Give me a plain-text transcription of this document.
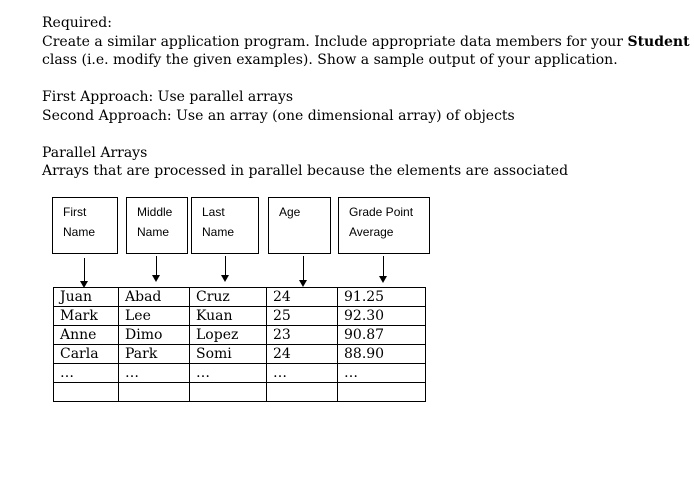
Required:
Create a similar application program. Include appropriate data members for your Student
class (i.e. modify the given examples). Show a sample output of your application.
First Approach: Use parallel arrays
Second Approach: Use an array (one dimensional array) of objects
Parallel Arrays
Arrays that are processed in parallel because the elements are associated
First
Name
Middle
Name
Last
Name
Age	Grade Point
Average
Juan	Abad	Cruz	24	91.25
Mark	Lee	Kuan	25	92.30
Anne	Dimo	Lopez	23	90.87
Carla	Park	Somi	24	88.90
…	…	…	…	…
